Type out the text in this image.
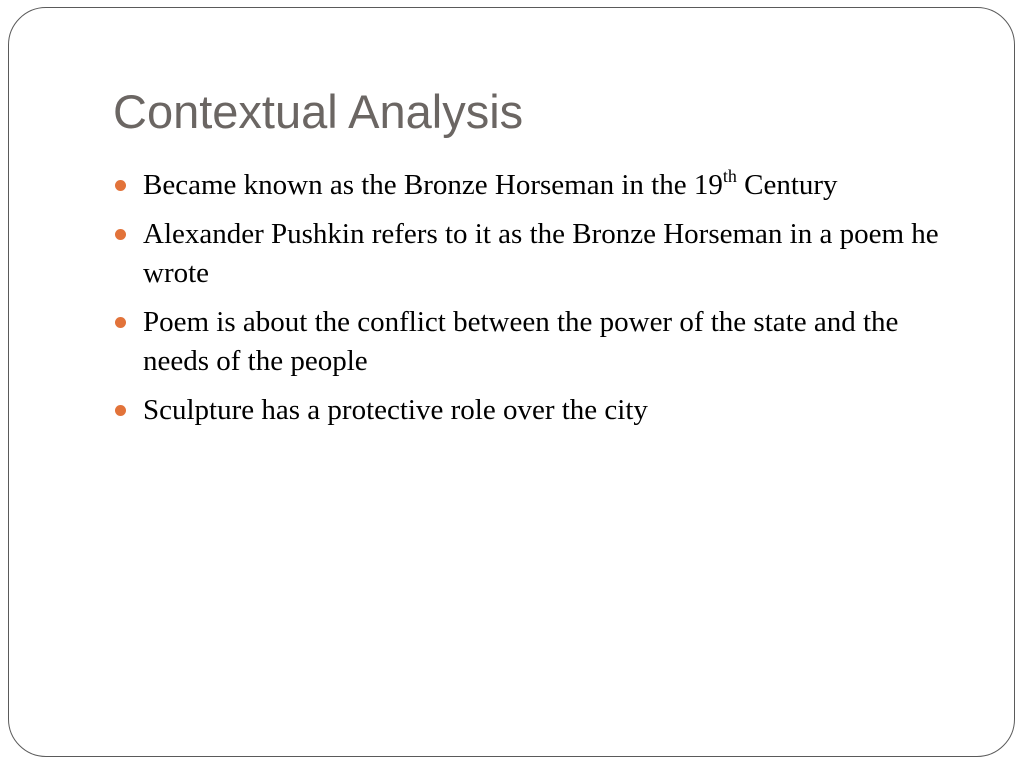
Contextual Analysis
Became known as the Bronze Horseman in the 19th Century
Alexander Pushkin refers to it as the Bronze Horseman in a poem he wrote
Poem is about the conflict between the power of the state and the needs of the people
Sculpture has a protective role over the city
